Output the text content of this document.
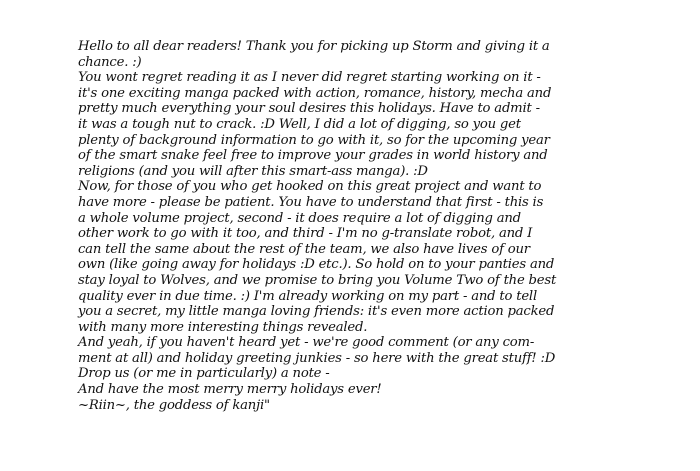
Hello to all dear readers! Thank you for picking up Storm and giving it a
chance. :)
You wont regret reading it as I never did regret starting working on it -
it's one exciting manga packed with action, romance, history, mecha and
pretty much everything your soul desires this holidays. Have to admit -
it was a tough nut to crack. :D Well, I did a lot of digging, so you get
plenty of background information to go with it, so for the upcoming year
of the smart snake feel free to improve your grades in world history and
religions (and you will after this smart-ass manga). :D
Now, for those of you who get hooked on this great project and want to
have more - please be patient. You have to understand that first - this is
a whole volume project, second - it does require a lot of digging and
other work to go with it too, and third - I'm no g-translate robot, and I
can tell the same about the rest of the team, we also have lives of our
own (like going away for holidays :D etc.). So hold on to your panties and
stay loyal to Wolves, and we promise to bring you Volume Two of the best
quality ever in due time. :) I'm already working on my part - and to tell
you a secret, my little manga loving friends: it's even more action packed
with many more interesting things revealed.
And yeah, if you haven't heard yet - we're good comment (or any com-
ment at all) and holiday greeting junkies - so here with the great stuff! :D
Drop us (or me in particularly) a note -
And have the most merry merry holidays ever!
~Riin~, the goddess of kanji"
